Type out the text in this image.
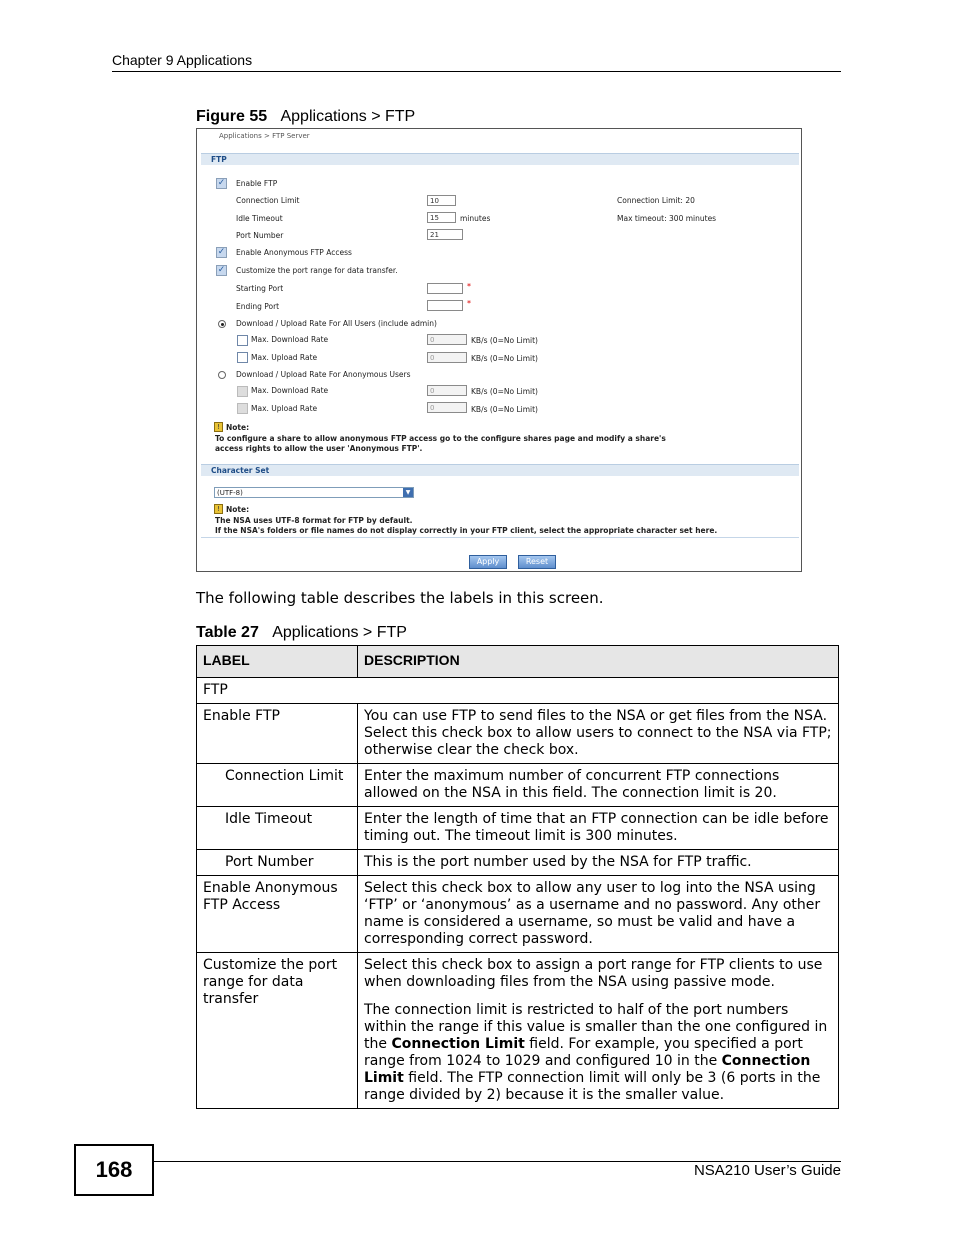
Chapter 9 Applications
Figure 55 Applications > FTP
Applications > FTP Server
FTP
✓ Enable FTP
Connection Limit	10	Connection Limit: 20
Idle Timeout	15	minutes	Max timeout: 300 minutes
Port Number	21
✓ Enable Anonymous FTP Access
✓ Customize the port range for data transfer.
Starting Port	*
Ending Port	*
Download / Upload Rate For All Users (include admin)
Max. Download Rate	0	KB/s (0=No Limit)
Max. Upload Rate	0	KB/s (0=No Limit)
Download / Upload Rate For Anonymous Users
Max. Download Rate	0	KB/s (0=No Limit)
Max. Upload Rate	0	KB/s (0=No Limit)
! Note:
To configure a share to allow anonymous FTP access go to the configure shares page and modify a share's
access rights to allow the user 'Anonymous FTP'.
Character Set
(UTF-8)	▼
! Note:
The NSA uses UTF-8 format for FTP by default.
If the NSA's folders or file names do not display correctly in your FTP client, select the appropriate character set here.
Apply	Reset
The following table describes the labels in this screen.
Table 27 Applications > FTP
LABEL	DESCRIPTION
FTP	
Enable FTP	You can use FTP to send files to the NSA or get files from the NSA. Select this check box to allow users to connect to the NSA via FTP; otherwise clear the check box.
Connection Limit	Enter the maximum number of concurrent FTP connections allowed on the NSA in this field. The connection limit is 20.
Idle Timeout	Enter the length of time that an FTP connection can be idle before timing out. The timeout limit is 300 minutes.
Port Number	This is the port number used by the NSA for FTP traffic.
Enable Anonymous FTP Access	Select this check box to allow any user to log into the NSA using ‘FTP’ or ‘anonymous’ as a username and no password. Any other name is considered a username, so must be valid and have a corresponding correct password.
Customize the port range for data transfer	Select this check box to assign a port range for FTP clients to use when downloading files from the NSA using passive mode.

The connection limit is restricted to half of the port numbers within the range if this value is smaller than the one configured in the Connection Limit field. For example, you specified a port range from 1024 to 1029 and configured 10 in the Connection Limit field. The FTP connection limit will only be 3 (6 ports in the range divided by 2) because it is the smaller value.

168	NSA210 User’s Guide
